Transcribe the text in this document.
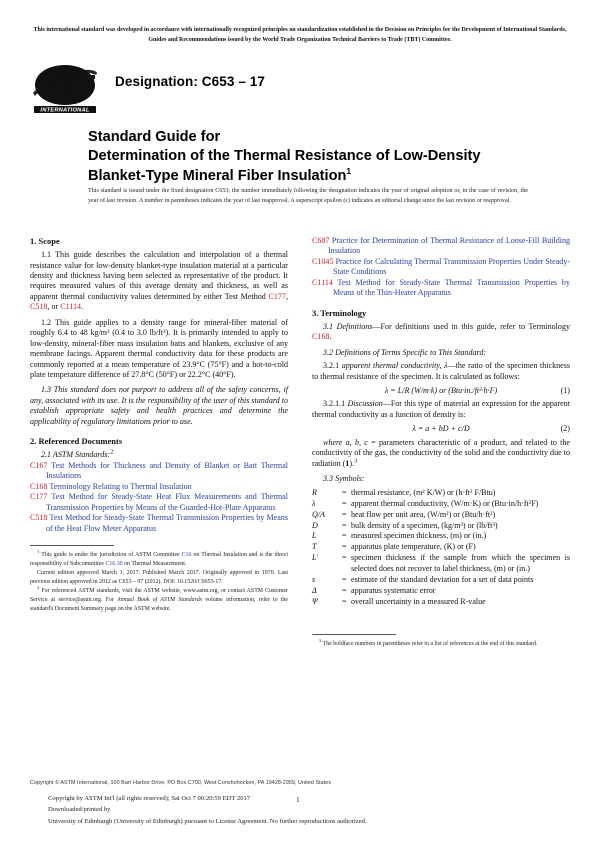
This international standard was developed in accordance with internationally recognized principles on standardization established in the Decision on Principles for the Development of International Standards, Guides and Recommendations issued by the World Trade Organization Technical Barriers to Trade (TBT) Committee.
INTERNATIONAL
Designation: C653 – 17
Standard Guide for
Determination of the Thermal Resistance of Low-Density
Blanket-Type Mineral Fiber Insulation$^1$
This standard is issued under the fixed designation C653; the number immediately following the designation indicates the year of original adoption or, in the case of revision, the year of last revision. A number in parentheses indicates the year of last reapproval. A superscript epsilon (ε) indicates an editorial change since the last revision or reapproval.
1. Scope

1.1 This guide describes the calculation and interpolation of a thermal resistance value for low-density blanket-type insulation material at a particular density and thickness having been selected as representative of the product. It requires measured values of this average density and thickness, as well as apparent thermal conductivity values determined by either Test Method C177, C518, or C1114.

1.2 This guide applies to a density range for mineral-fiber material of roughly 6.4 to 48 kg/m³ (0.4 to 3.0 lb/ft³). It is primarily intended to apply to low-density, mineral-fiber mass insulation batts and blankets, exclusive of any membrane facings. Apparent thermal conductivity data for these products are commonly reported at a mean temperature of 23.9°C (75°F) and a hot-to-cold plate temperature difference of 27.8°C (50°F) or 22.2°C (40°F).

1.3 This standard does not purport to address all of the safety concerns, if any, associated with its use. It is the responsibility of the user of this standard to establish appropriate safety and health practices and determine the applicability of regulatory limitations prior to use.

2. Referenced Documents

2.1 ASTM Standards:$^2$

C167 Test Methods for Thickness and Density of Blanket or Batt Thermal Insulations

C168 Terminology Relating to Thermal Insulation

C177 Test Method for Steady-State Heat Flux Measurements and Thermal Transmission Properties by Means of the Guarded-Hot-Plate Apparatus

C518 Test Method for Steady-State Thermal Transmission Properties by Means of the Heat Flow Meter Apparatus

$^1$ This guide is under the jurisdiction of ASTM Committee C16 on Thermal Insulation and is the direct responsibility of Subcommittee C16.30 on Thermal Measurement.

Current edition approved March 1, 2017. Published March 2017. Originally approved in 1970. Last previous edition approved in 2012 as C653 – 97 (2012). DOI: 10.1520/C0653-17.

$^2$ For referenced ASTM standards, visit the ASTM website, www.astm.org, or contact ASTM Customer Service at service@astm.org. For Annual Book of ASTM Standards volume information, refer to the standard's Document Summary page on the ASTM website.

C687 Practice for Determination of Thermal Resistance of Loose-Fill Building Insulation

C1045 Practice for Calculating Thermal Transmission Properties Under Steady-State Conditions

C1114 Test Method for Steady-State Thermal Transmission Properties by Means of the Thin-Heater Apparatus

3. Terminology

3.1 Definitions—For definitions used in this guide, refer to Terminology C168.

3.2 Definitions of Terms Specific to This Standard:

3.2.1 apparent thermal conductivity, λ—the ratio of the specimen thickness to thermal resistance of the specimen. It is calculated as follows:

λ = L/R (W/m·k) or (Btu·in./ft²·h·F)	(1)

3.2.1.1 Discussion—For this type of material an expression for the apparent thermal conductivity as a function of density is:

λ = a + bD + c/D	(2)

where a, b, c = parameters characteristic of a product, and related to the conductivity of the gas, the conductivity of the solid and the conductivity due to radiation (1).$^3$

3.3 Symbols:

R	=	thermal resistance, (m² K/W) or (h·ft² F/Btu)
λ	=	apparent thermal conductivity, (W/m·K) or (Btu·in/h·ft²F)
Q/A	=	heat flow per unit area, (W/m²) or (Btu/h·ft²)
D	=	bulk density of a specimen, (kg/m³) or (lb/ft³)
L	=	measured specimen thickness, (m) or (in.)
T	=	apparatus plate temperature, (K) or (F)
L'	=	specimen thickness if the sample from which the specimen is selected does not recover to label thickness, (m) or (in.)
s	=	estimate of the standard deviation for a set of data points
Δ	=	apparatus systematic error
Ψ	=	overall uncertainty in a measured R-value

$^3$ The boldface numbers in parentheses refer to a list of references at the end of this standard.

Copyright © ASTM International, 100 Barr Harbor Drive, PO Box C700, West Conshohocken, PA 19428-2959, United States
Copyright by ASTM Int'l (all rights reserved); Sat Oct 7 00:20:59 EDT 2017
Downloaded/printed by
University of Edinburgh (University of Edinburgh) pursuant to License Agreement. No further reproductions authorized.
1
